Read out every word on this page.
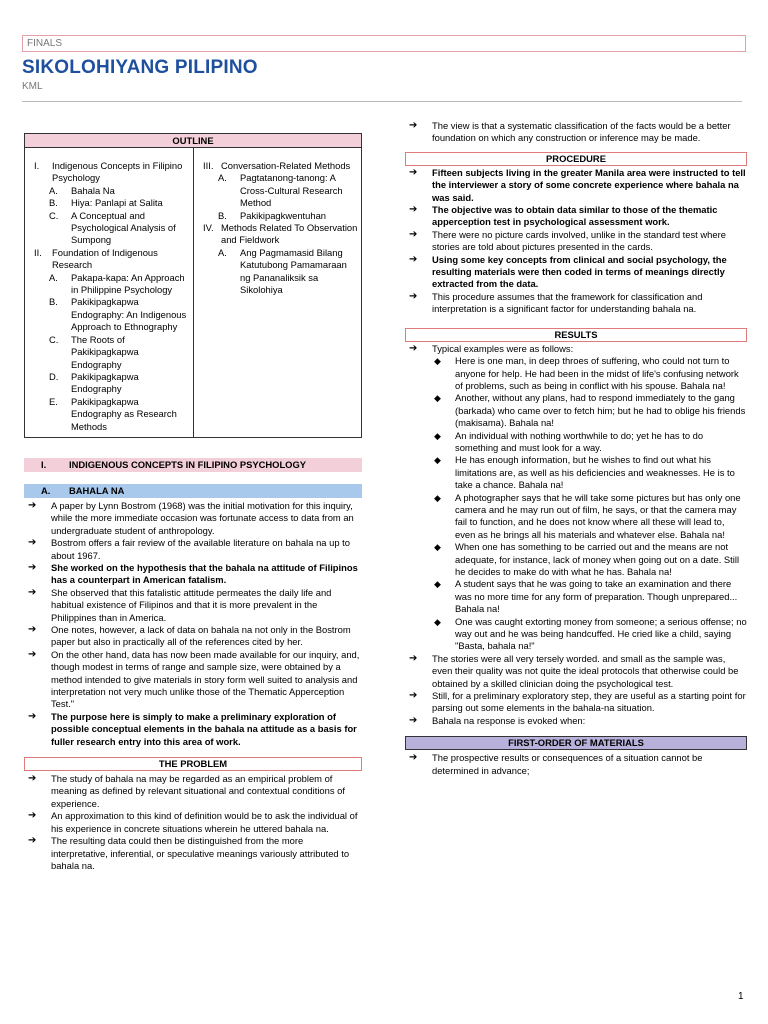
FINALS
SIKOLOHIYANG PILIPINO
KML
OUTLINE
I.	Indigenous Concepts in Filipino Psychology
A.	Bahala Na
B.	Hiya: Panlapi at Salita
C.	A Conceptual and Psychological Analysis of Sumpong
II.	Foundation of Indigenous Research
A.	Pakapa-kapa: An Approach in Philippine Psychology
B.	Pakikipagkapwa Endography: An Indigenous Approach to Ethnography
C.	The Roots of Pakikipagkapwa Endography
D.	Pakikipagkapwa Endography
E.	Pakikipagkapwa Endography as Research Methods
III. Conversation-Related Methods
A.	Pagtatanong-tanong: A Cross-Cultural Research Method
B.	Pakikipagkwentuhan
IV. Methods Related To Observation and Fieldwork
A.	Ang Pagmamasid Bilang Katutubong Pamamaraan ng Pananaliksik sa Sikolohiya
I.	INDIGENOUS CONCEPTS IN FILIPINO PSYCHOLOGY
A.	BAHALA NA
➔	A paper by Lynn Bostrom (1968) was the initial motivation for this inquiry, while the more immediate occasion was fortunate access to data from an undergraduate student of anthropology.
➔	Bostrom offers a fair review of the available literature on bahala na up to about 1967.
➔	She worked on the hypothesis that the bahala na attitude of Filipinos has a counterpart in American fatalism.
➔	She observed that this fatalistic attitude permeates the daily life and habitual existence of Filipinos and that it is more prevalent in the Philippines than in America.
➔	One notes, however, a lack of data on bahala na not only in the Bostrom paper but also in practically all of the references cited by her.
➔	On the other hand, data has now been made available for our inquiry, and, though modest in terms of range and sample size, were obtained by a method intended to give materials in story form well suited to analysis and interpretation not very much unlike those of the Thematic Apperception Test."
➔	The purpose here is simply to make a preliminary exploration of possible conceptual elements in the bahala na attitude as a basis for fuller research entry into this area of work.
THE PROBLEM
➔	The study of bahala na may be regarded as an empirical problem of meaning as defined by relevant situational and contextual conditions of experience.
➔	An approximation to this kind of definition would be to ask the individual of his experience in concrete situations wherein he uttered bahala na.
➔	The resulting data could then be distinguished from the more interpretative, inferential, or speculative meanings variously attributed to bahala na.
➔	The view is that a systematic classification of the facts would be a better foundation on which any construction or inference may be made.
PROCEDURE
➔	Fifteen subjects living in the greater Manila area were instructed to tell the interviewer a story of some concrete experience where bahala na was said.
➔	The objective was to obtain data similar to those of the thematic apperception test in psychological assessment work.
➔	There were no picture cards involved, unlike in the standard test where stories are told about pictures presented in the cards.
➔	Using some key concepts from clinical and social psychology, the resulting materials were then coded in terms of meanings directly extracted from the data.
➔	This procedure assumes that the framework for classification and interpretation is a significant factor for understanding bahala na.
RESULTS
➔	Typical examples were as follows:
◆	Here is one man, in deep throes of suffering, who could not turn to anyone for help. He had been in the midst of life's confusing network of problems, such as being in conflict with his spouse. Bahala na!
◆	Another, without any plans, had to respond immediately to the gang (barkada) who came over to fetch him; but he had to oblige his friends (makisama). Bahala na!
◆	An individual with nothing worthwhile to do; yet he has to do something and must look for a way.
◆	He has enough information, but he wishes to find out what his limitations are, as well as his deficiencies and weaknesses. He is to take a chance. Bahala na!
◆	A photographer says that he will take some pictures but has only one camera and he may run out of film, he says, or that the camera may fail to function, and he does not know where all these will lead to, even as he brings all his materials and whatever else. Bahala na!
◆	When one has something to be carried out and the means are not adequate, for instance, lack of money when going out on a date. Still he decides to make do with what he has. Bahala na!
◆	A student says that he was going to take an examination and there was no more time for any form of preparation. Though unprepared... Bahala na!
◆	One was caught extorting money from someone; a serious offense; no way out and he was being handcuffed. He cried like a child, saying "Basta, bahala na!"
➔	The stories were all very tersely worded. and small as the sample was, even their quality was not quite the ideal protocols that otherwise could be obtained by a skilled clinician doing the psychological test.
➔	Still, for a preliminary exploratory step, they are useful as a starting point for parsing out some elements in the bahala-na situation.
➔	Bahala na response is evoked when:
FIRST-ORDER OF MATERIALS
➔	The prospective results or consequences of a situation cannot be determined in advance;
1
